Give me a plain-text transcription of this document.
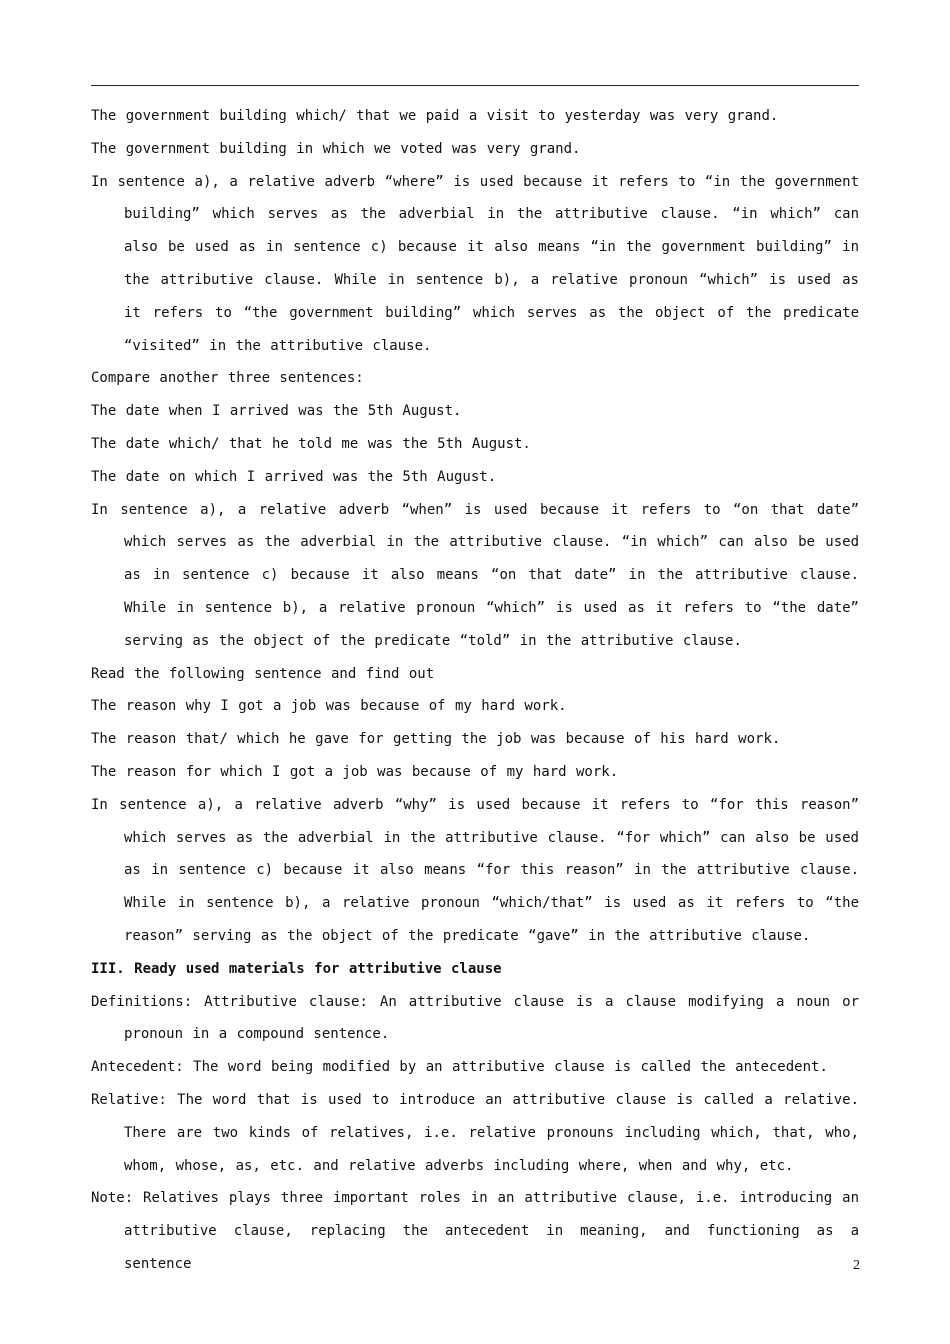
The government building which/ that we paid a visit to yesterday was very grand.

The government building in which we voted was very grand.

In sentence a), a relative adverb “where” is used because it refers to “in the government building” which serves as the adverbial in the attributive clause. “in which” can also be used as in sentence c) because it also means “in the government building” in the attributive clause. While in sentence b), a relative pronoun “which” is used as it refers to “the government building” which serves as the object of the predicate “visited” in the attributive clause.

Compare another three sentences:

The date when I arrived was the 5th August.

The date which/ that he told me was the 5th August.

The date on which I arrived was the 5th August.

In sentence a), a relative adverb “when” is used because it refers to “on that date” which serves as the adverbial in the attributive clause. “in which” can also be used as in sentence c) because it also means “on that date” in the attributive clause. While in sentence b), a relative pronoun “which” is used as it refers to “the date” serving as the object of the predicate “told” in the attributive clause.

Read the following sentence and find out

The reason why I got a job was because of my hard work.

The reason that/ which he gave for getting the job was because of his hard work.

The reason for which I got a job was because of my hard work.

In sentence a), a relative adverb “why” is used because it refers to “for this reason” which serves as the adverbial in the attributive clause. “for which” can also be used as in sentence c) because it also means “for this reason” in the attributive clause. While in sentence b), a relative pronoun “which/that” is used as it refers to “the reason” serving as the object of the predicate “gave” in the attributive clause.

III. Ready used materials for attributive clause

Definitions: Attributive clause: An attributive clause is a clause modifying a noun or pronoun in a compound sentence.

Antecedent: The word being modified by an attributive clause is called the antecedent.

Relative: The word that is used to introduce an attributive clause is called a relative. There are two kinds of relatives, i.e. relative pronouns including which, that, who, whom, whose, as, etc. and relative adverbs including where, when and why, etc.

Note: Relatives plays three important roles in an attributive clause, i.e. introducing an attributive clause, replacing the antecedent in meaning, and functioning as a sentence	2
